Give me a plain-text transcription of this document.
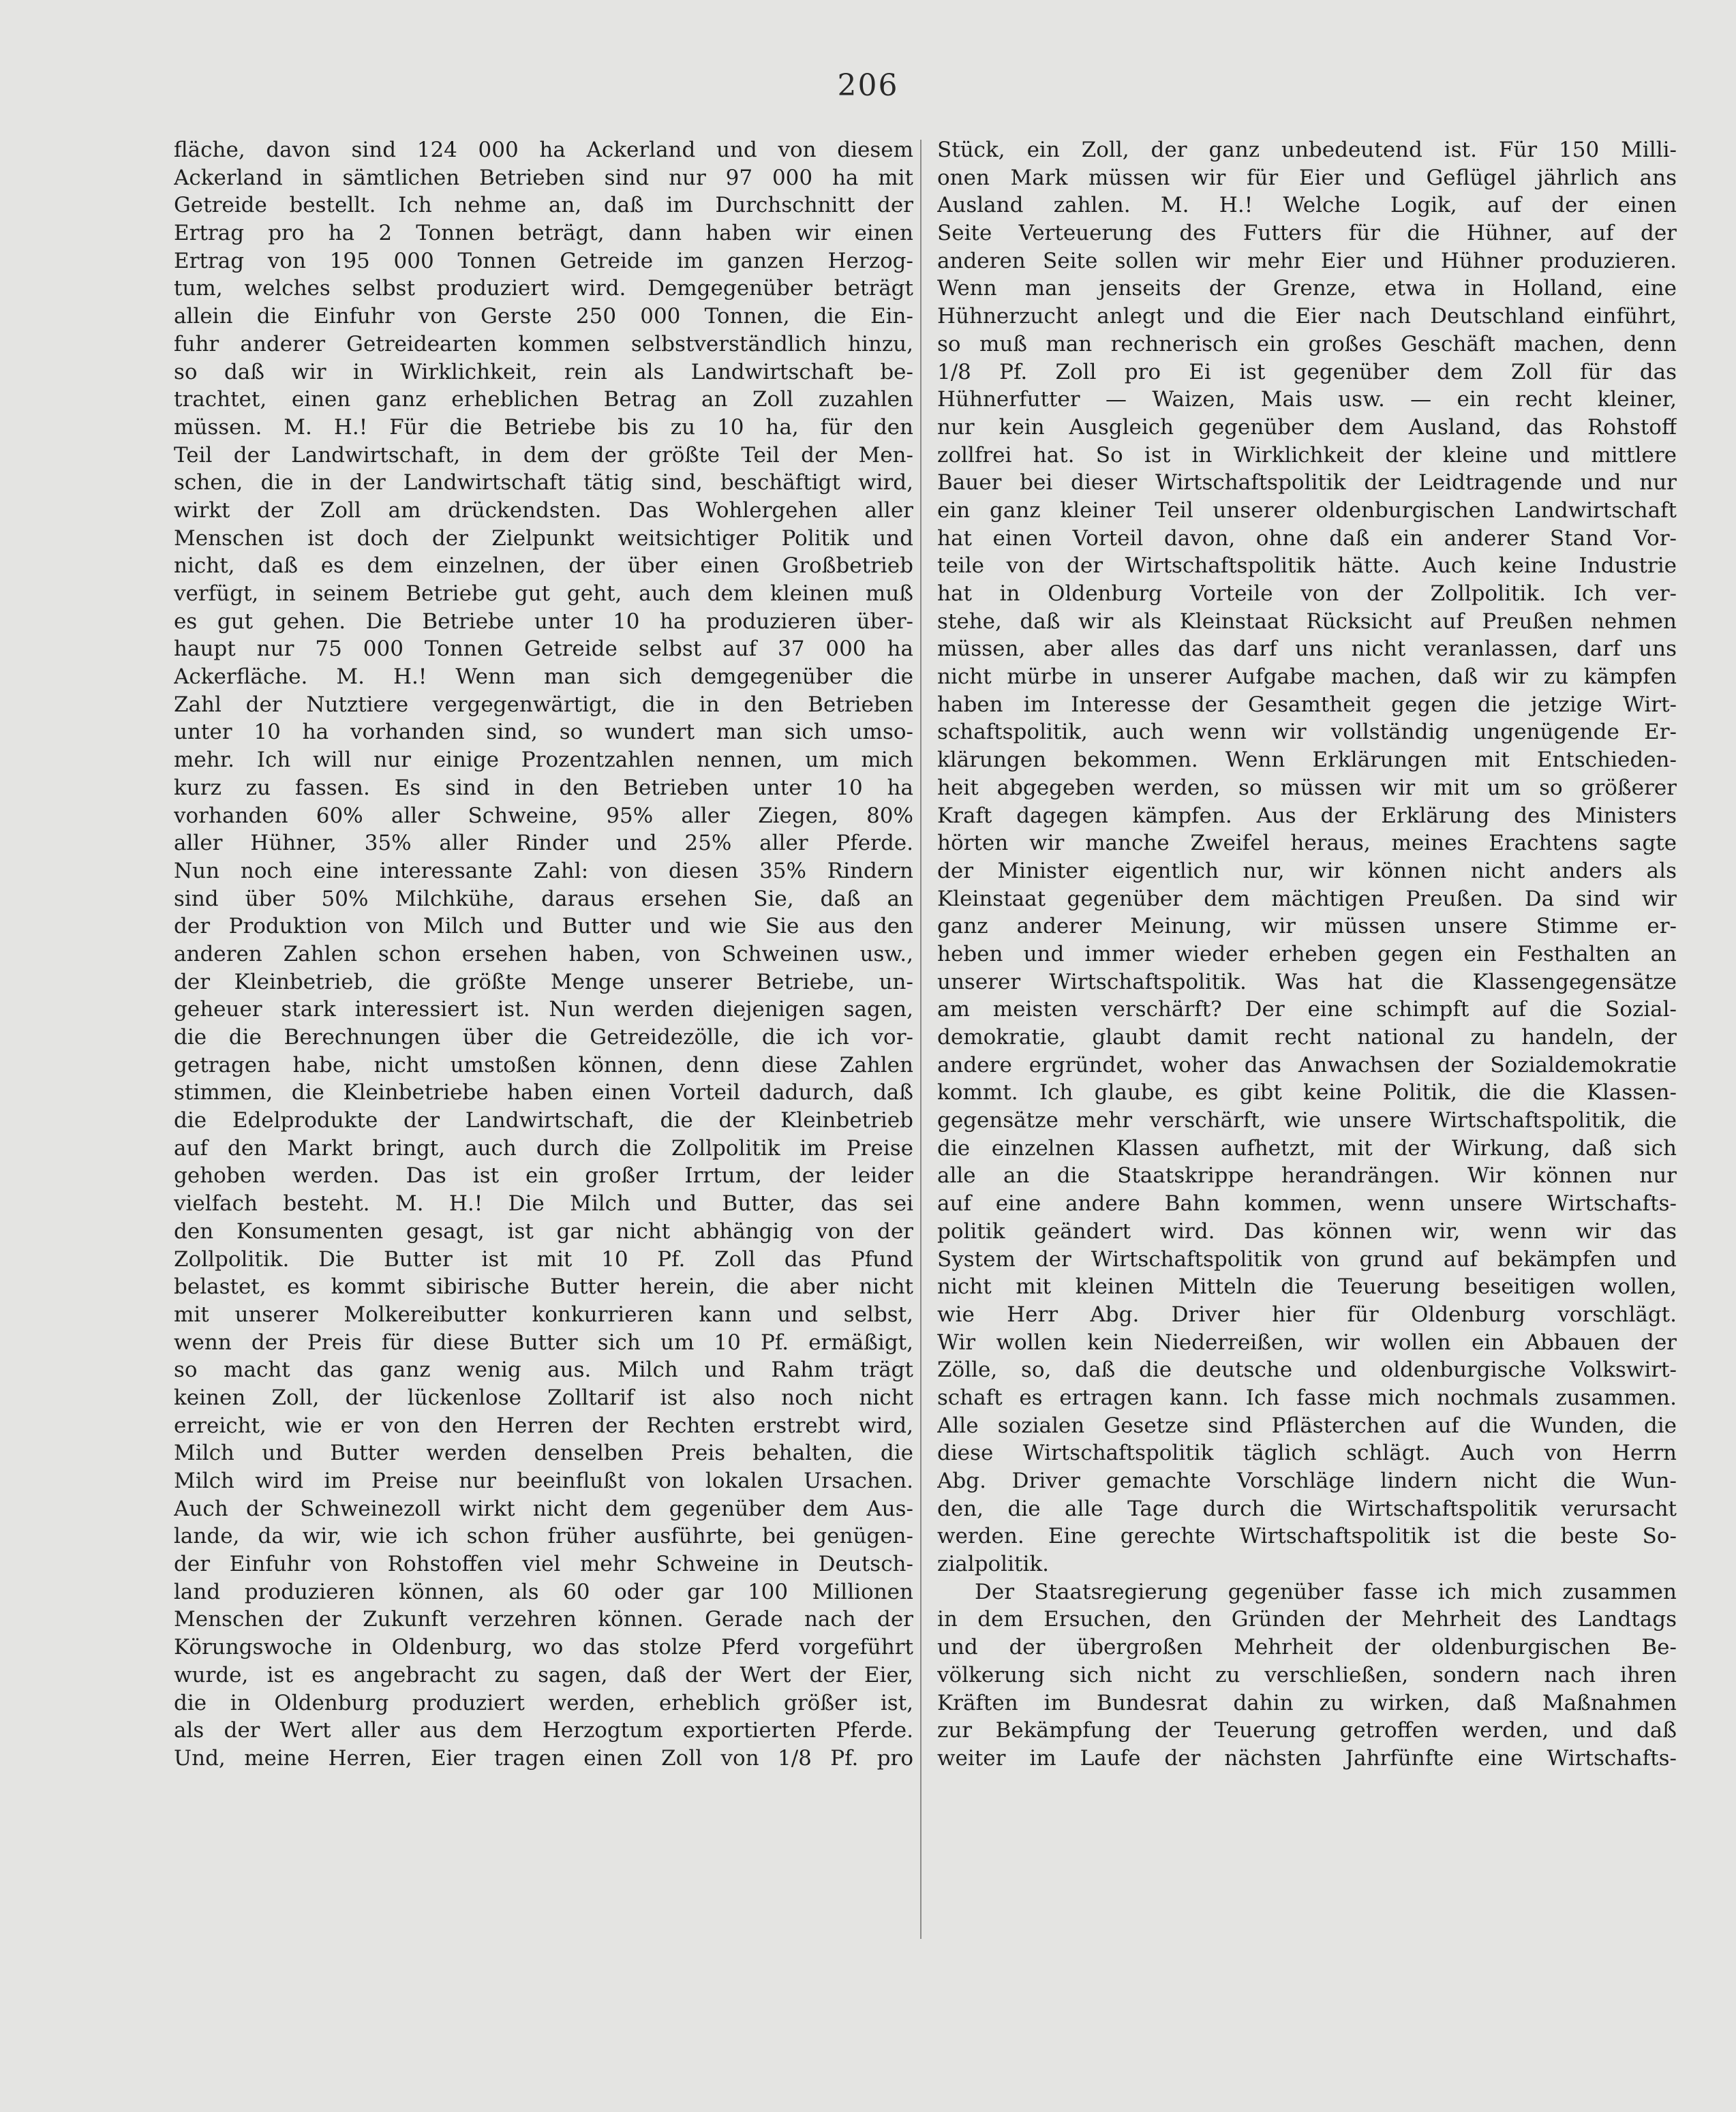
206
fläche, davon sind 124 000 ha Ackerland und von diesem
Ackerland in sämtlichen Betrieben sind nur 97 000 ha mit
Getreide bestellt. Ich nehme an, daß im Durchschnitt der
Ertrag pro ha 2 Tonnen beträgt, dann haben wir einen
Ertrag von 195 000 Tonnen Getreide im ganzen Herzog-
tum, welches selbst produziert wird. Demgegenüber beträgt
allein die Einfuhr von Gerste 250 000 Tonnen, die Ein-
fuhr anderer Getreidearten kommen selbstverständlich hinzu,
so daß wir in Wirklichkeit, rein als Landwirtschaft be-
trachtet, einen ganz erheblichen Betrag an Zoll zuzahlen
müssen. M. H.! Für die Betriebe bis zu 10 ha, für den
Teil der Landwirtschaft, in dem der größte Teil der Men-
schen, die in der Landwirtschaft tätig sind, beschäftigt wird,
wirkt der Zoll am drückendsten. Das Wohlergehen aller
Menschen ist doch der Zielpunkt weitsichtiger Politik und
nicht, daß es dem einzelnen, der über einen Großbetrieb
verfügt, in seinem Betriebe gut geht, auch dem kleinen muß
es gut gehen. Die Betriebe unter 10 ha produzieren über-
haupt nur 75 000 Tonnen Getreide selbst auf 37 000 ha
Ackerfläche. M. H.! Wenn man sich demgegenüber die
Zahl der Nutztiere vergegenwärtigt, die in den Betrieben
unter 10 ha vorhanden sind, so wundert man sich umso-
mehr. Ich will nur einige Prozentzahlen nennen, um mich
kurz zu fassen. Es sind in den Betrieben unter 10 ha
vorhanden 60% aller Schweine, 95% aller Ziegen, 80%
aller Hühner, 35% aller Rinder und 25% aller Pferde.
Nun noch eine interessante Zahl: von diesen 35% Rindern
sind über 50% Milchkühe, daraus ersehen Sie, daß an
der Produktion von Milch und Butter und wie Sie aus den
anderen Zahlen schon ersehen haben, von Schweinen usw.,
der Kleinbetrieb, die größte Menge unserer Betriebe, un-
geheuer stark interessiert ist. Nun werden diejenigen sagen,
die die Berechnungen über die Getreidezölle, die ich vor-
getragen habe, nicht umstoßen können, denn diese Zahlen
stimmen, die Kleinbetriebe haben einen Vorteil dadurch, daß
die Edelprodukte der Landwirtschaft, die der Kleinbetrieb
auf den Markt bringt, auch durch die Zollpolitik im Preise
gehoben werden. Das ist ein großer Irrtum, der leider
vielfach besteht. M. H.! Die Milch und Butter, das sei
den Konsumenten gesagt, ist gar nicht abhängig von der
Zollpolitik. Die Butter ist mit 10 Pf. Zoll das Pfund
belastet, es kommt sibirische Butter herein, die aber nicht
mit unserer Molkereibutter konkurrieren kann und selbst,
wenn der Preis für diese Butter sich um 10 Pf. ermäßigt,
so macht das ganz wenig aus. Milch und Rahm trägt
keinen Zoll, der lückenlose Zolltarif ist also noch nicht
erreicht, wie er von den Herren der Rechten erstrebt wird,
Milch und Butter werden denselben Preis behalten, die
Milch wird im Preise nur beeinflußt von lokalen Ursachen.
Auch der Schweinezoll wirkt nicht dem gegenüber dem Aus-
lande, da wir, wie ich schon früher ausführte, bei genügen-
der Einfuhr von Rohstoffen viel mehr Schweine in Deutsch-
land produzieren können, als 60 oder gar 100 Millionen
Menschen der Zukunft verzehren können. Gerade nach der
Körungswoche in Oldenburg, wo das stolze Pferd vorgeführt
wurde, ist es angebracht zu sagen, daß der Wert der Eier,
die in Oldenburg produziert werden, erheblich größer ist,
als der Wert aller aus dem Herzogtum exportierten Pferde.
Und, meine Herren, Eier tragen einen Zoll von 1/8 Pf. pro
Stück, ein Zoll, der ganz unbedeutend ist. Für 150 Milli-
onen Mark müssen wir für Eier und Geflügel jährlich ans
Ausland zahlen. M. H.! Welche Logik, auf der einen
Seite Verteuerung des Futters für die Hühner, auf der
anderen Seite sollen wir mehr Eier und Hühner produzieren.
Wenn man jenseits der Grenze, etwa in Holland, eine
Hühnerzucht anlegt und die Eier nach Deutschland einführt,
so muß man rechnerisch ein großes Geschäft machen, denn
1/8 Pf. Zoll pro Ei ist gegenüber dem Zoll für das
Hühnerfutter — Waizen, Mais usw. — ein recht kleiner,
nur kein Ausgleich gegenüber dem Ausland, das Rohstoff
zollfrei hat. So ist in Wirklichkeit der kleine und mittlere
Bauer bei dieser Wirtschaftspolitik der Leidtragende und nur
ein ganz kleiner Teil unserer oldenburgischen Landwirtschaft
hat einen Vorteil davon, ohne daß ein anderer Stand Vor-
teile von der Wirtschaftspolitik hätte. Auch keine Industrie
hat in Oldenburg Vorteile von der Zollpolitik. Ich ver-
stehe, daß wir als Kleinstaat Rücksicht auf Preußen nehmen
müssen, aber alles das darf uns nicht veranlassen, darf uns
nicht mürbe in unserer Aufgabe machen, daß wir zu kämpfen
haben im Interesse der Gesamtheit gegen die jetzige Wirt-
schaftspolitik, auch wenn wir vollständig ungenügende Er-
klärungen bekommen. Wenn Erklärungen mit Entschieden-
heit abgegeben werden, so müssen wir mit um so größerer
Kraft dagegen kämpfen. Aus der Erklärung des Ministers
hörten wir manche Zweifel heraus, meines Erachtens sagte
der Minister eigentlich nur, wir können nicht anders als
Kleinstaat gegenüber dem mächtigen Preußen. Da sind wir
ganz anderer Meinung, wir müssen unsere Stimme er-
heben und immer wieder erheben gegen ein Festhalten an
unserer Wirtschaftspolitik. Was hat die Klassengegensätze
am meisten verschärft? Der eine schimpft auf die Sozial-
demokratie, glaubt damit recht national zu handeln, der
andere ergründet, woher das Anwachsen der Sozialdemokratie
kommt. Ich glaube, es gibt keine Politik, die die Klassen-
gegensätze mehr verschärft, wie unsere Wirtschaftspolitik, die
die einzelnen Klassen aufhetzt, mit der Wirkung, daß sich
alle an die Staatskrippe herandrängen. Wir können nur
auf eine andere Bahn kommen, wenn unsere Wirtschafts-
politik geändert wird. Das können wir, wenn wir das
System der Wirtschaftspolitik von grund auf bekämpfen und
nicht mit kleinen Mitteln die Teuerung beseitigen wollen,
wie Herr Abg. Driver hier für Oldenburg vorschlägt.
Wir wollen kein Niederreißen, wir wollen ein Abbauen der
Zölle, so, daß die deutsche und oldenburgische Volkswirt-
schaft es ertragen kann. Ich fasse mich nochmals zusammen.
Alle sozialen Gesetze sind Pflästerchen auf die Wunden, die
diese Wirtschaftspolitik täglich schlägt. Auch von Herrn
Abg. Driver gemachte Vorschläge lindern nicht die Wun-
den, die alle Tage durch die Wirtschaftspolitik verursacht
werden. Eine gerechte Wirtschaftspolitik ist die beste So-
zialpolitik.
Der Staatsregierung gegenüber fasse ich mich zusammen
in dem Ersuchen, den Gründen der Mehrheit des Landtags
und der übergroßen Mehrheit der oldenburgischen Be-
völkerung sich nicht zu verschließen, sondern nach ihren
Kräften im Bundesrat dahin zu wirken, daß Maßnahmen
zur Bekämpfung der Teuerung getroffen werden, und daß
weiter im Laufe der nächsten Jahrfünfte eine Wirtschafts-
